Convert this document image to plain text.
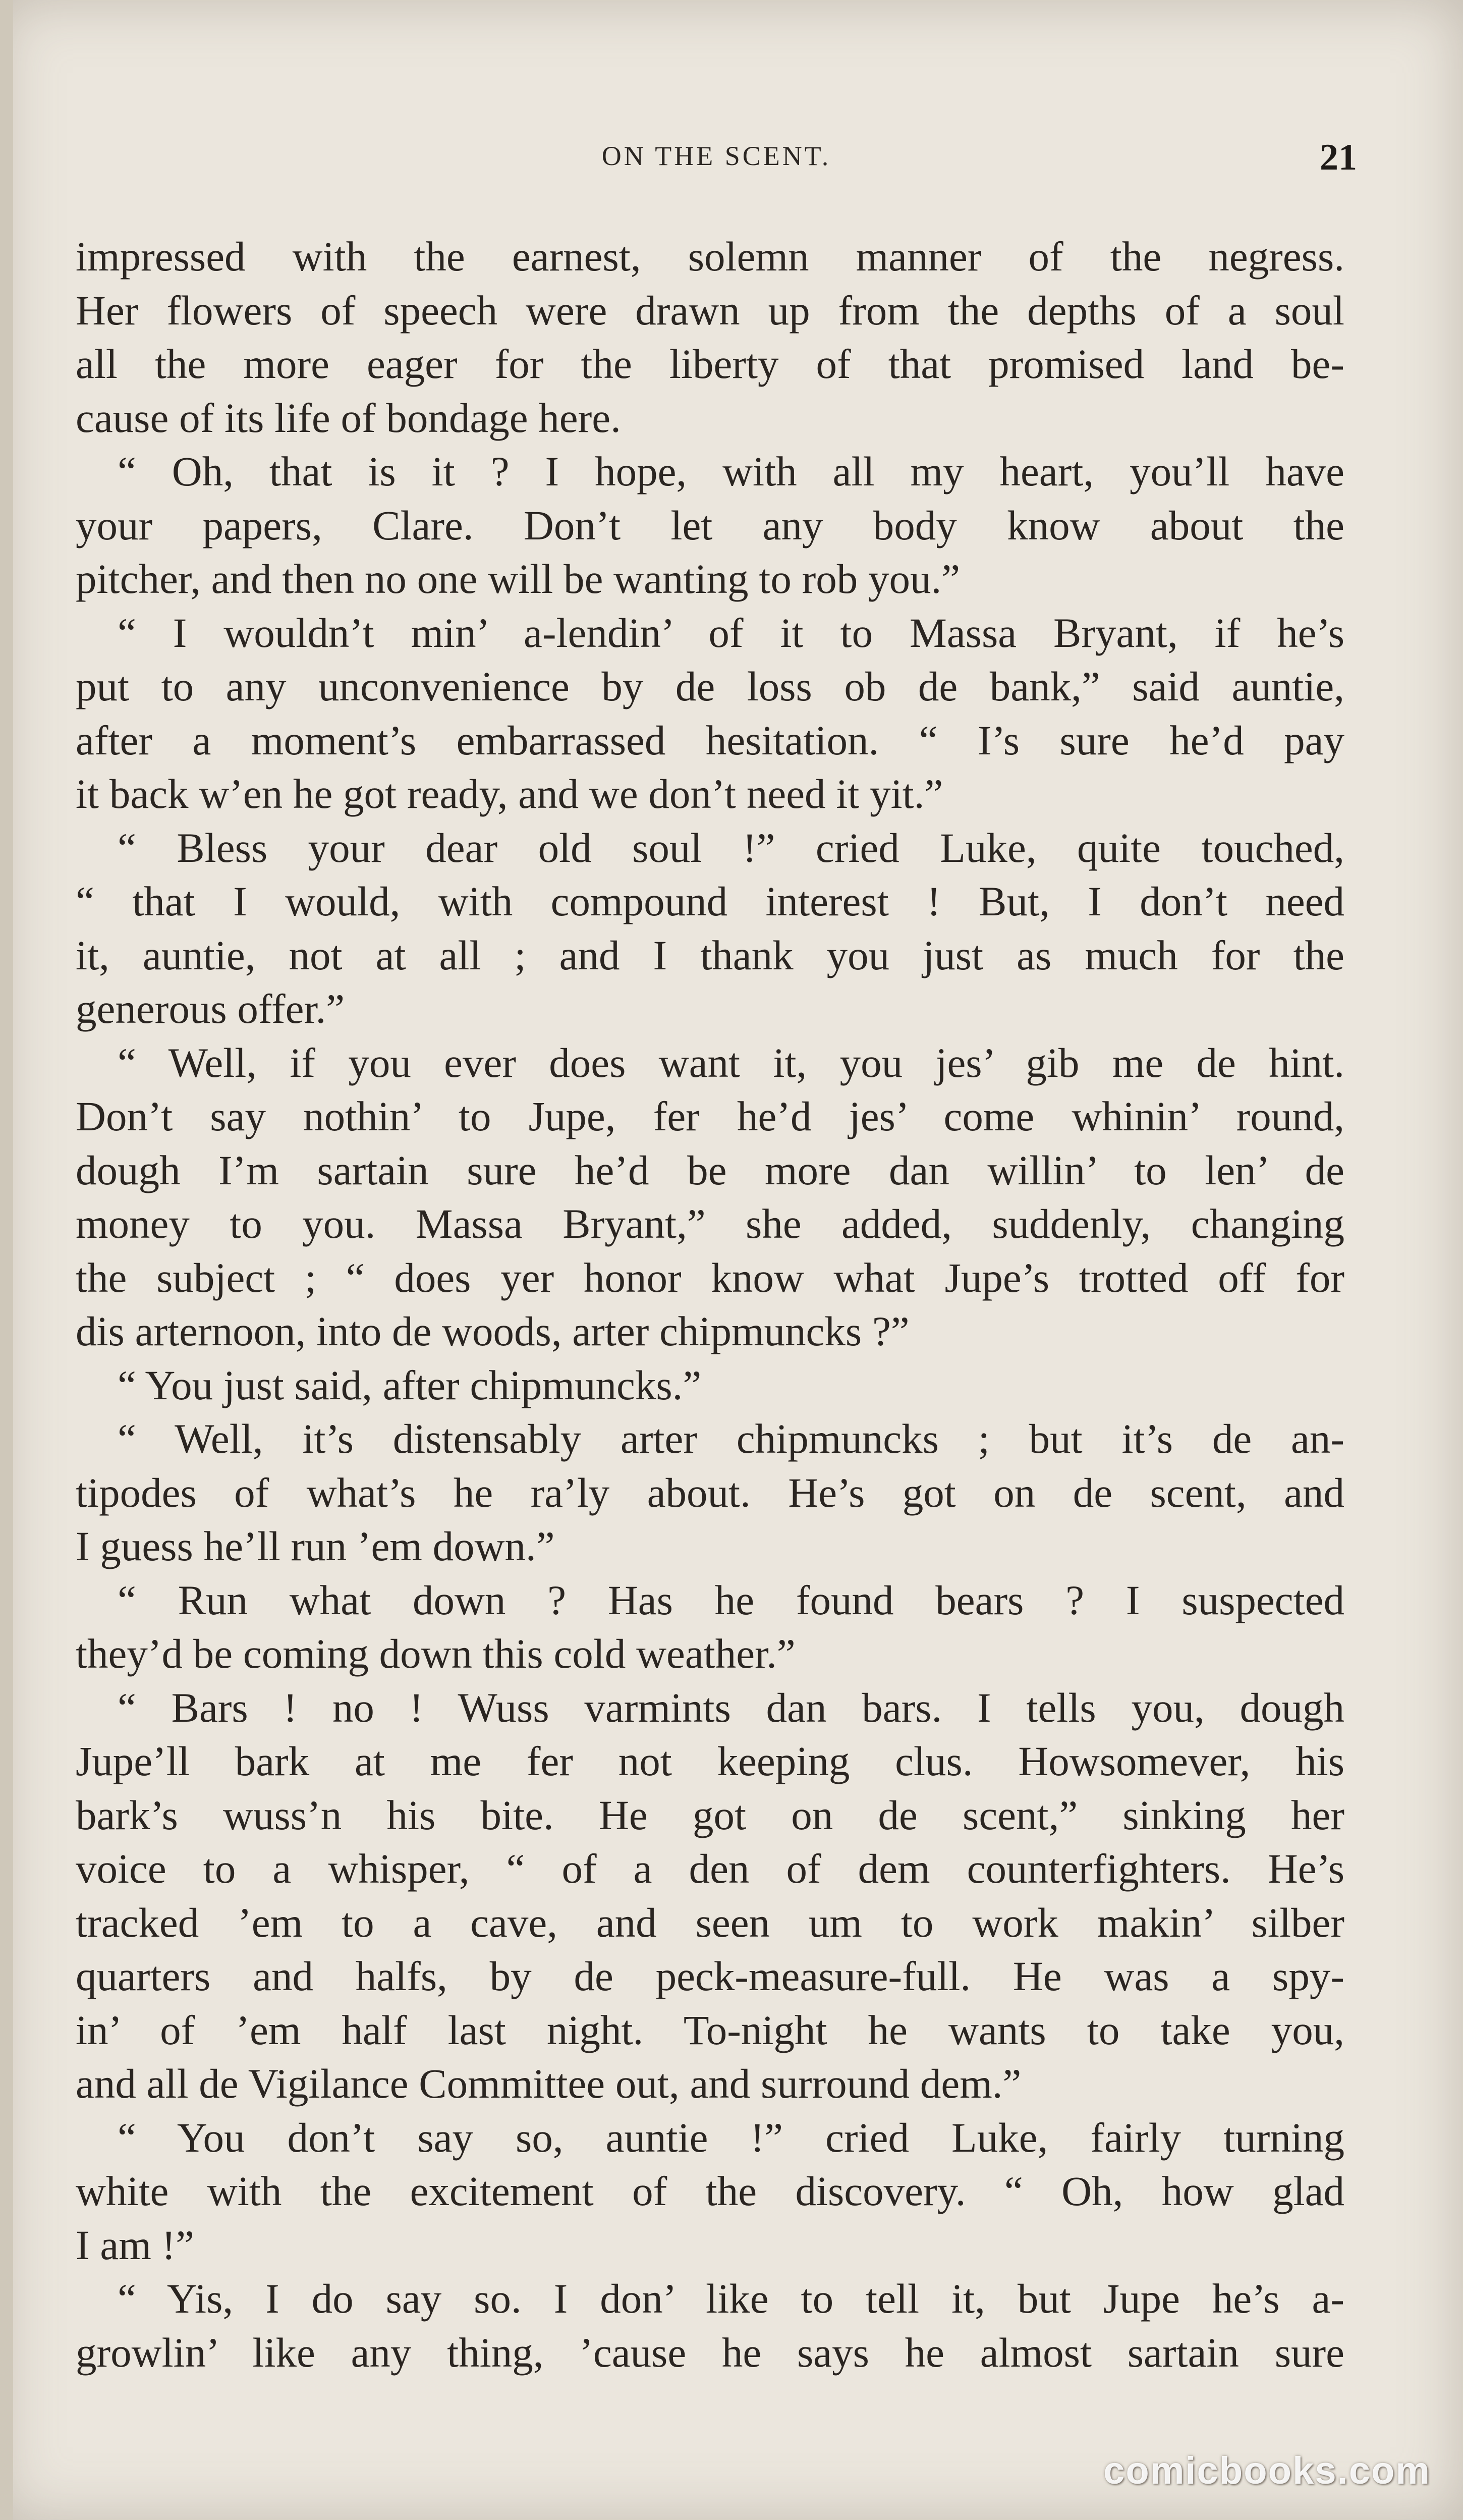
ON THE SCENT.	21
impressed with the earnest, solemn manner of the negress.
Her flowers of speech were drawn up from the depths of a soul
all the more eager for the liberty of that promised land be-
cause of its life of bondage here.
“ Oh, that is it ? I hope, with all my heart, you’ll have
your papers, Clare. Don’t let any body know about the
pitcher, and then no one will be wanting to rob you.”
“ I wouldn’t min’ a-lendin’ of it to Massa Bryant, if he’s
put to any unconvenience by de loss ob de bank,” said auntie,
after a moment’s embarrassed hesitation. “ I’s sure he’d pay
it back w’en he got ready, and we don’t need it yit.”
“ Bless your dear old soul !” cried Luke, quite touched,
“ that I would, with compound interest ! But, I don’t need
it, auntie, not at all ; and I thank you just as much for the
generous offer.”
“ Well, if you ever does want it, you jes’ gib me de hint.
Don’t say nothin’ to Jupe, fer he’d jes’ come whinin’ round,
dough I’m sartain sure he’d be more dan willin’ to len’ de
money to you. Massa Bryant,” she added, suddenly, changing
the subject ; “ does yer honor know what Jupe’s trotted off for
dis arternoon, into de woods, arter chipmuncks ?”
“ You just said, after chipmuncks.”
“ Well, it’s distensably arter chipmuncks ; but it’s de an-
tipodes of what’s he ra’ly about. He’s got on de scent, and
I guess he’ll run ’em down.”
“ Run what down ? Has he found bears ? I suspected
they’d be coming down this cold weather.”
“ Bars ! no ! Wuss varmints dan bars. I tells you, dough
Jupe’ll bark at me fer not keeping clus. Howsomever, his
bark’s wuss’n his bite. He got on de scent,” sinking her
voice to a whisper, “ of a den of dem counterfighters. He’s
tracked ’em to a cave, and seen um to work makin’ silber
quarters and halfs, by de peck-measure-full. He was a spy-
in’ of ’em half last night. To-night he wants to take you,
and all de Vigilance Committee out, and surround dem.”
“ You don’t say so, auntie !” cried Luke, fairly turning
white with the excitement of the discovery. “ Oh, how glad
I am !”
“ Yis, I do say so. I don’ like to tell it, but Jupe he’s a-
growlin’ like any thing, ’cause he says he almost sartain sure
comicbooks.com
